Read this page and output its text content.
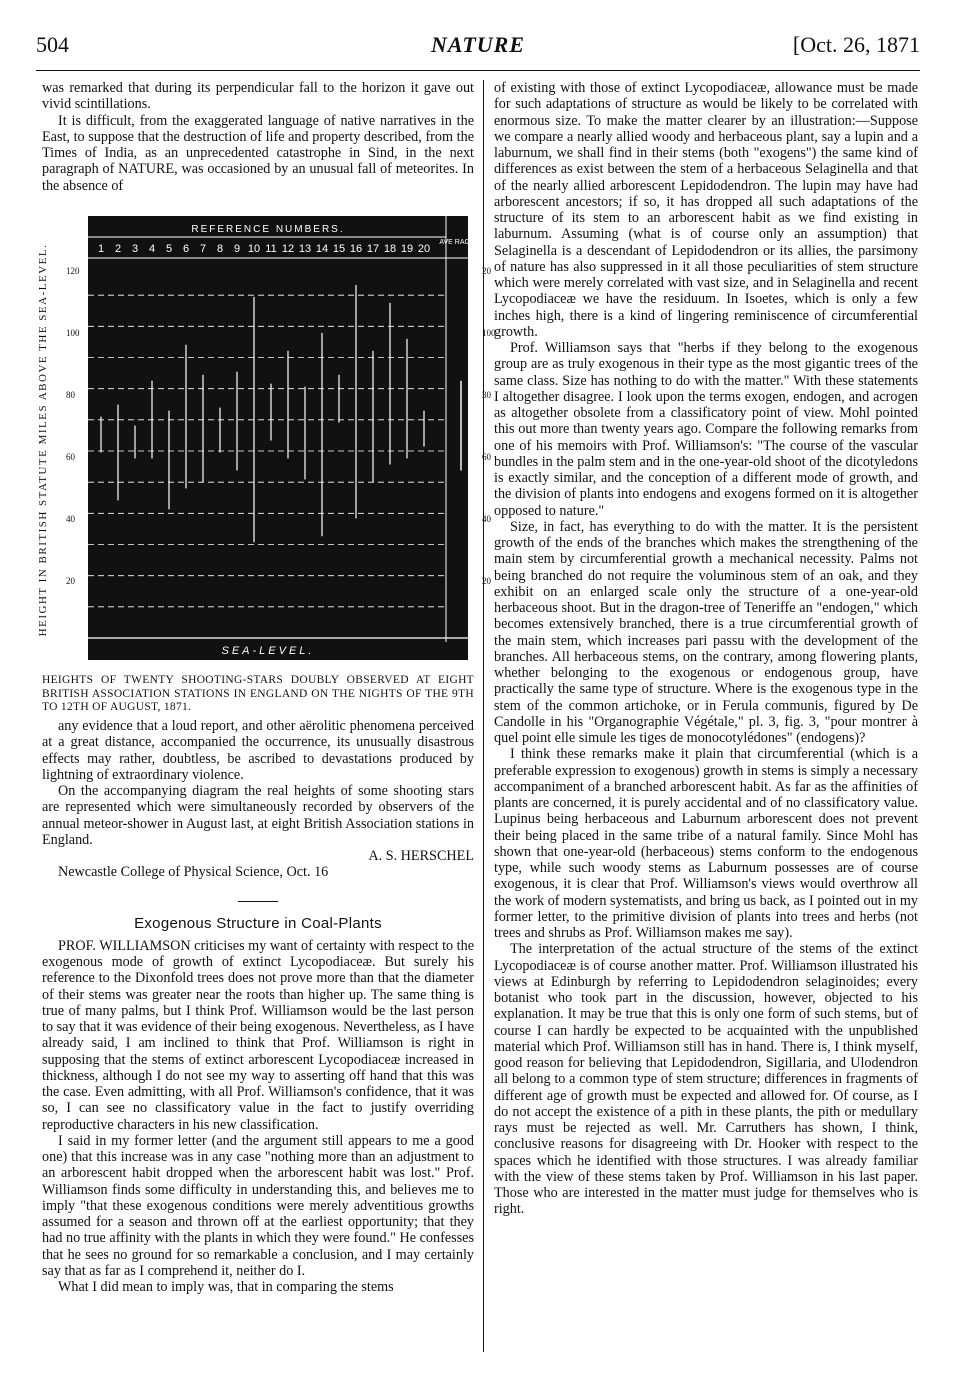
504	NATURE	[Oct. 26, 1871

was remarked that during its perpendicular fall to the horizon it gave out vivid scintillations.

It is difficult, from the exaggerated language of native narratives in the East, to suppose that the destruction of life and property described, from the Times of India, as an unprecedented catastrophe in Sind, in the next paragraph of NATURE, was occasioned by an unusual fall of meteorites. In the absence of

HEIGHT IN BRITISH STATUTE MILES ABOVE THE SEA-LEVEL.
REFERENCE NUMBERS.
SEA-LEVEL.
1 2 3 4 5 6 7 8 9 10 11 12 13 14 15 16 17 18 19 20
AVE RAGE
120
100
80
60
40
20
20
100
30
60
40
20
HEIGHTS OF TWENTY SHOOTING-STARS DOUBLY OBSERVED AT EIGHT BRITISH ASSOCIATION STATIONS IN ENGLAND ON THE NIGHTS OF THE 9TH TO 12TH OF AUGUST, 1871.

any evidence that a loud report, and other aërolitic phenomena perceived at a great distance, accompanied the occurrence, its unusually disastrous effects may rather, doubtless, be ascribed to devastations produced by lightning of extraordinary violence.

On the accompanying diagram the real heights of some shooting stars are represented which were simultaneously recorded by observers of the annual meteor-shower in August last, at eight British Association stations in England.

A. S. HERSCHEL

Newcastle College of Physical Science, Oct. 16

Exogenous Structure in Coal-Plants

PROF. WILLIAMSON criticises my want of certainty with respect to the exogenous mode of growth of extinct Lycopodiaceæ. But surely his reference to the Dixonfold trees does not prove more than that the diameter of their stems was greater near the roots than higher up. The same thing is true of many palms, but I think Prof. Williamson would be the last person to say that it was evidence of their being exogenous. Nevertheless, as I have already said, I am inclined to think that Prof. Williamson is right in supposing that the stems of extinct arborescent Lycopodiaceæ increased in thickness, although I do not see my way to asserting off hand that this was the case. Even admitting, with all Prof. Williamson's confidence, that it was so, I can see no classificatory value in the fact to justify overriding reproductive characters in his new classification.

I said in my former letter (and the argument still appears to me a good one) that this increase was in any case "nothing more than an adjustment to an arborescent habit dropped when the arborescent habit was lost." Prof. Williamson finds some difficulty in understanding this, and believes me to imply "that these exogenous conditions were merely adventitious growths assumed for a season and thrown off at the earliest opportunity; that they had no true affinity with the plants in which they were found." He confesses that he sees no ground for so remarkable a conclusion, and I may certainly say that as far as I comprehend it, neither do I.

What I did mean to imply was, that in comparing the stems

of existing with those of extinct Lycopodiaceæ, allowance must be made for such adaptations of structure as would be likely to be correlated with enormous size. To make the matter clearer by an illustration:—Suppose we compare a nearly allied woody and herbaceous plant, say a lupin and a laburnum, we shall find in their stems (both "exogens") the same kind of differences as exist between the stem of a herbaceous Selaginella and that of the nearly allied arborescent Lepidodendron. The lupin may have had arborescent ancestors; if so, it has dropped all such adaptations of the structure of its stem to an arborescent habit as we find existing in laburnum. Assuming (what is of course only an assumption) that Selaginella is a descendant of Lepidodendron or its allies, the parsimony of nature has also suppressed in it all those peculiarities of stem structure which were merely correlated with vast size, and in Selaginella and recent Lycopodiaceæ we have the residuum. In Isoetes, which is only a few inches high, there is a kind of lingering reminiscence of circumferential growth.

Prof. Williamson says that "herbs if they belong to the exogenous group are as truly exogenous in their type as the most gigantic trees of the same class. Size has nothing to do with the matter." With these statements I altogether disagree. I look upon the terms exogen, endogen, and acrogen as altogether obsolete from a classificatory point of view. Mohl pointed this out more than twenty years ago. Compare the following remarks from one of his memoirs with Prof. Williamson's: "The course of the vascular bundles in the palm stem and in the one-year-old shoot of the dicotyledons is exactly similar, and the conception of a different mode of growth, and the division of plants into endogens and exogens formed on it is altogether opposed to nature."

Size, in fact, has everything to do with the matter. It is the persistent growth of the ends of the branches which makes the strengthening of the main stem by circumferential growth a mechanical necessity. Palms not being branched do not require the voluminous stem of an oak, and they exhibit on an enlarged scale only the structure of a one-year-old herbaceous shoot. But in the dragon-tree of Teneriffe an "endogen," which becomes extensively branched, there is a true circumferential growth of the main stem, which increases pari passu with the development of the branches. All herbaceous stems, on the contrary, among flowering plants, whether belonging to the exogenous or endogenous group, have practically the same type of structure. Where is the exogenous type in the stem of the common artichoke, or in Ferula communis, figured by De Candolle in his "Organographie Végétale," pl. 3, fig. 3, "pour montrer à quel point elle simule les tiges de monocotylédones" (endogens)?

I think these remarks make it plain that circumferential (which is a preferable expression to exogenous) growth in stems is simply a necessary accompaniment of a branched arborescent habit. As far as the affinities of plants are concerned, it is purely accidental and of no classificatory value. Lupinus being herbaceous and Laburnum arborescent does not prevent their being placed in the same tribe of a natural family. Since Mohl has shown that one-year-old (herbaceous) stems conform to the endogenous type, while such woody stems as Laburnum possesses are of course exogenous, it is clear that Prof. Williamson's views would overthrow all the work of modern systematists, and bring us back, as I pointed out in my former letter, to the primitive division of plants into trees and herbs (not trees and shrubs as Prof. Williamson makes me say).

The interpretation of the actual structure of the stems of the extinct Lycopodiaceæ is of course another matter. Prof. Williamson illustrated his views at Edinburgh by referring to Lepidodendron selaginoides; every botanist who took part in the discussion, however, objected to his explanation. It may be true that this is only one form of such stems, but of course I can hardly be expected to be acquainted with the unpublished material which Prof. Williamson still has in hand. There is, I think myself, good reason for believing that Lepidodendron, Sigillaria, and Ulodendron all belong to a common type of stem structure; differences in fragments of different age of growth must be expected and allowed for. Of course, as I do not accept the existence of a pith in these plants, the pith or medullary rays must be rejected as well. Mr. Carruthers has shown, I think, conclusive reasons for disagreeing with Dr. Hooker with respect to the spaces which he identified with those structures. I was already familiar with the view of these stems taken by Prof. Williamson in his last paper. Those who are interested in the matter must judge for themselves who is right.
